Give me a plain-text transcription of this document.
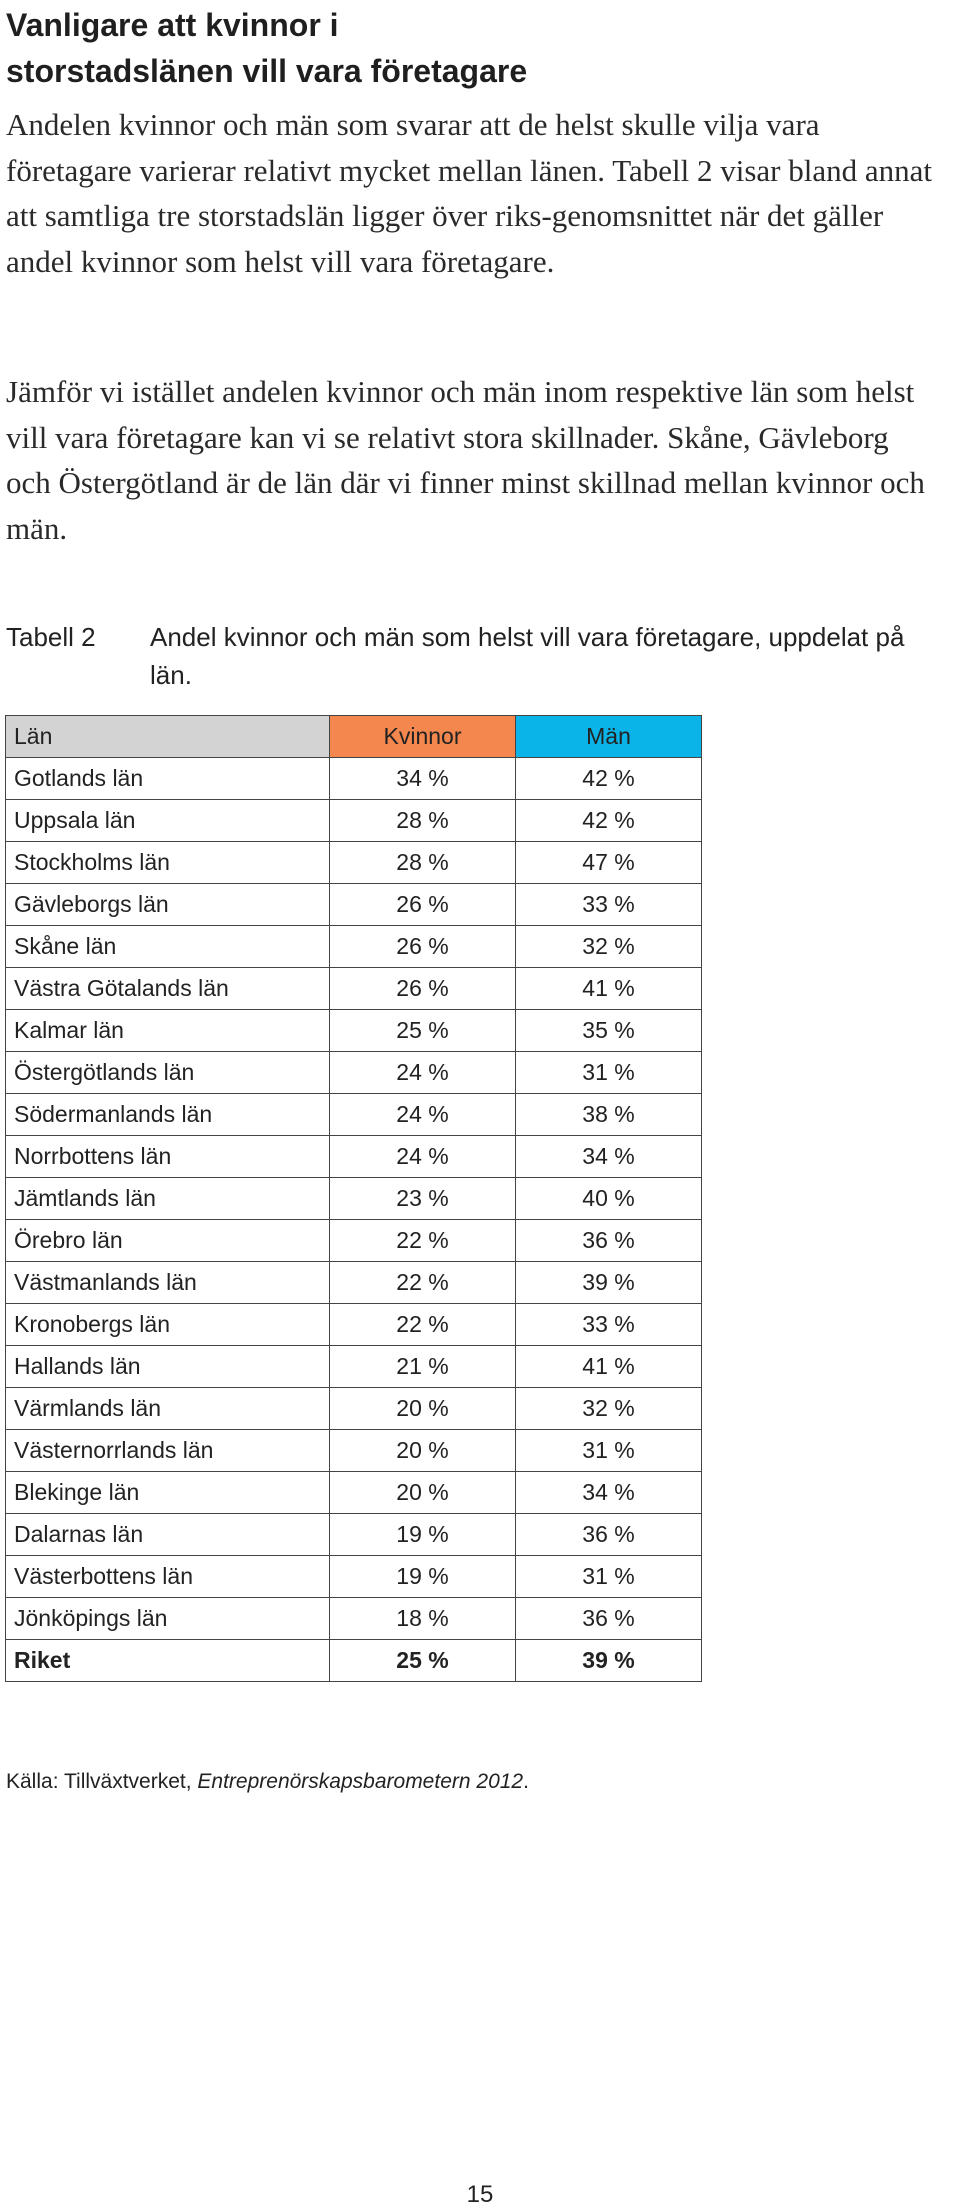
Vanligare att kvinnor i
storstadslänen vill vara företagare

Andelen kvinnor och män som svarar att de helst skulle vilja vara företagare varierar relativt mycket mellan länen. Tabell 2 visar bland annat att samtliga tre storstadslän ligger över riks-genomsnittet när det gäller andel kvinnor som helst vill vara företagare.

Jämför vi istället andelen kvinnor och män inom respektive län som helst vill vara företagare kan vi se relativt stora skillnader. Skåne, Gävleborg och Östergötland är de län där vi finner minst skillnad mellan kvinnor och män.

Tabell 2 Andel kvinnor och män som helst vill vara företagare, uppdelat på län.

Län	Kvinnor	Män
Gotlands län	34 %	42 %
Uppsala län	28 %	42 %
Stockholms län	28 %	47 %
Gävleborgs län	26 %	33 %
Skåne län	26 %	32 %
Västra Götalands län	26 %	41 %
Kalmar län	25 %	35 %
Östergötlands län	24 %	31 %
Södermanlands län	24 %	38 %
Norrbottens län	24 %	34 %
Jämtlands län	23 %	40 %
Örebro län	22 %	36 %
Västmanlands län	22 %	39 %
Kronobergs län	22 %	33 %
Hallands län	21 %	41 %
Värmlands län	20 %	32 %
Västernorrlands län	20 %	31 %
Blekinge län	20 %	34 %
Dalarnas län	19 %	36 %
Västerbottens län	19 %	31 %
Jönköpings län	18 %	36 %
Riket	25 %	39 %

Källa: Tillväxtverket, Entreprenörskapsbarometern 2012.

15
